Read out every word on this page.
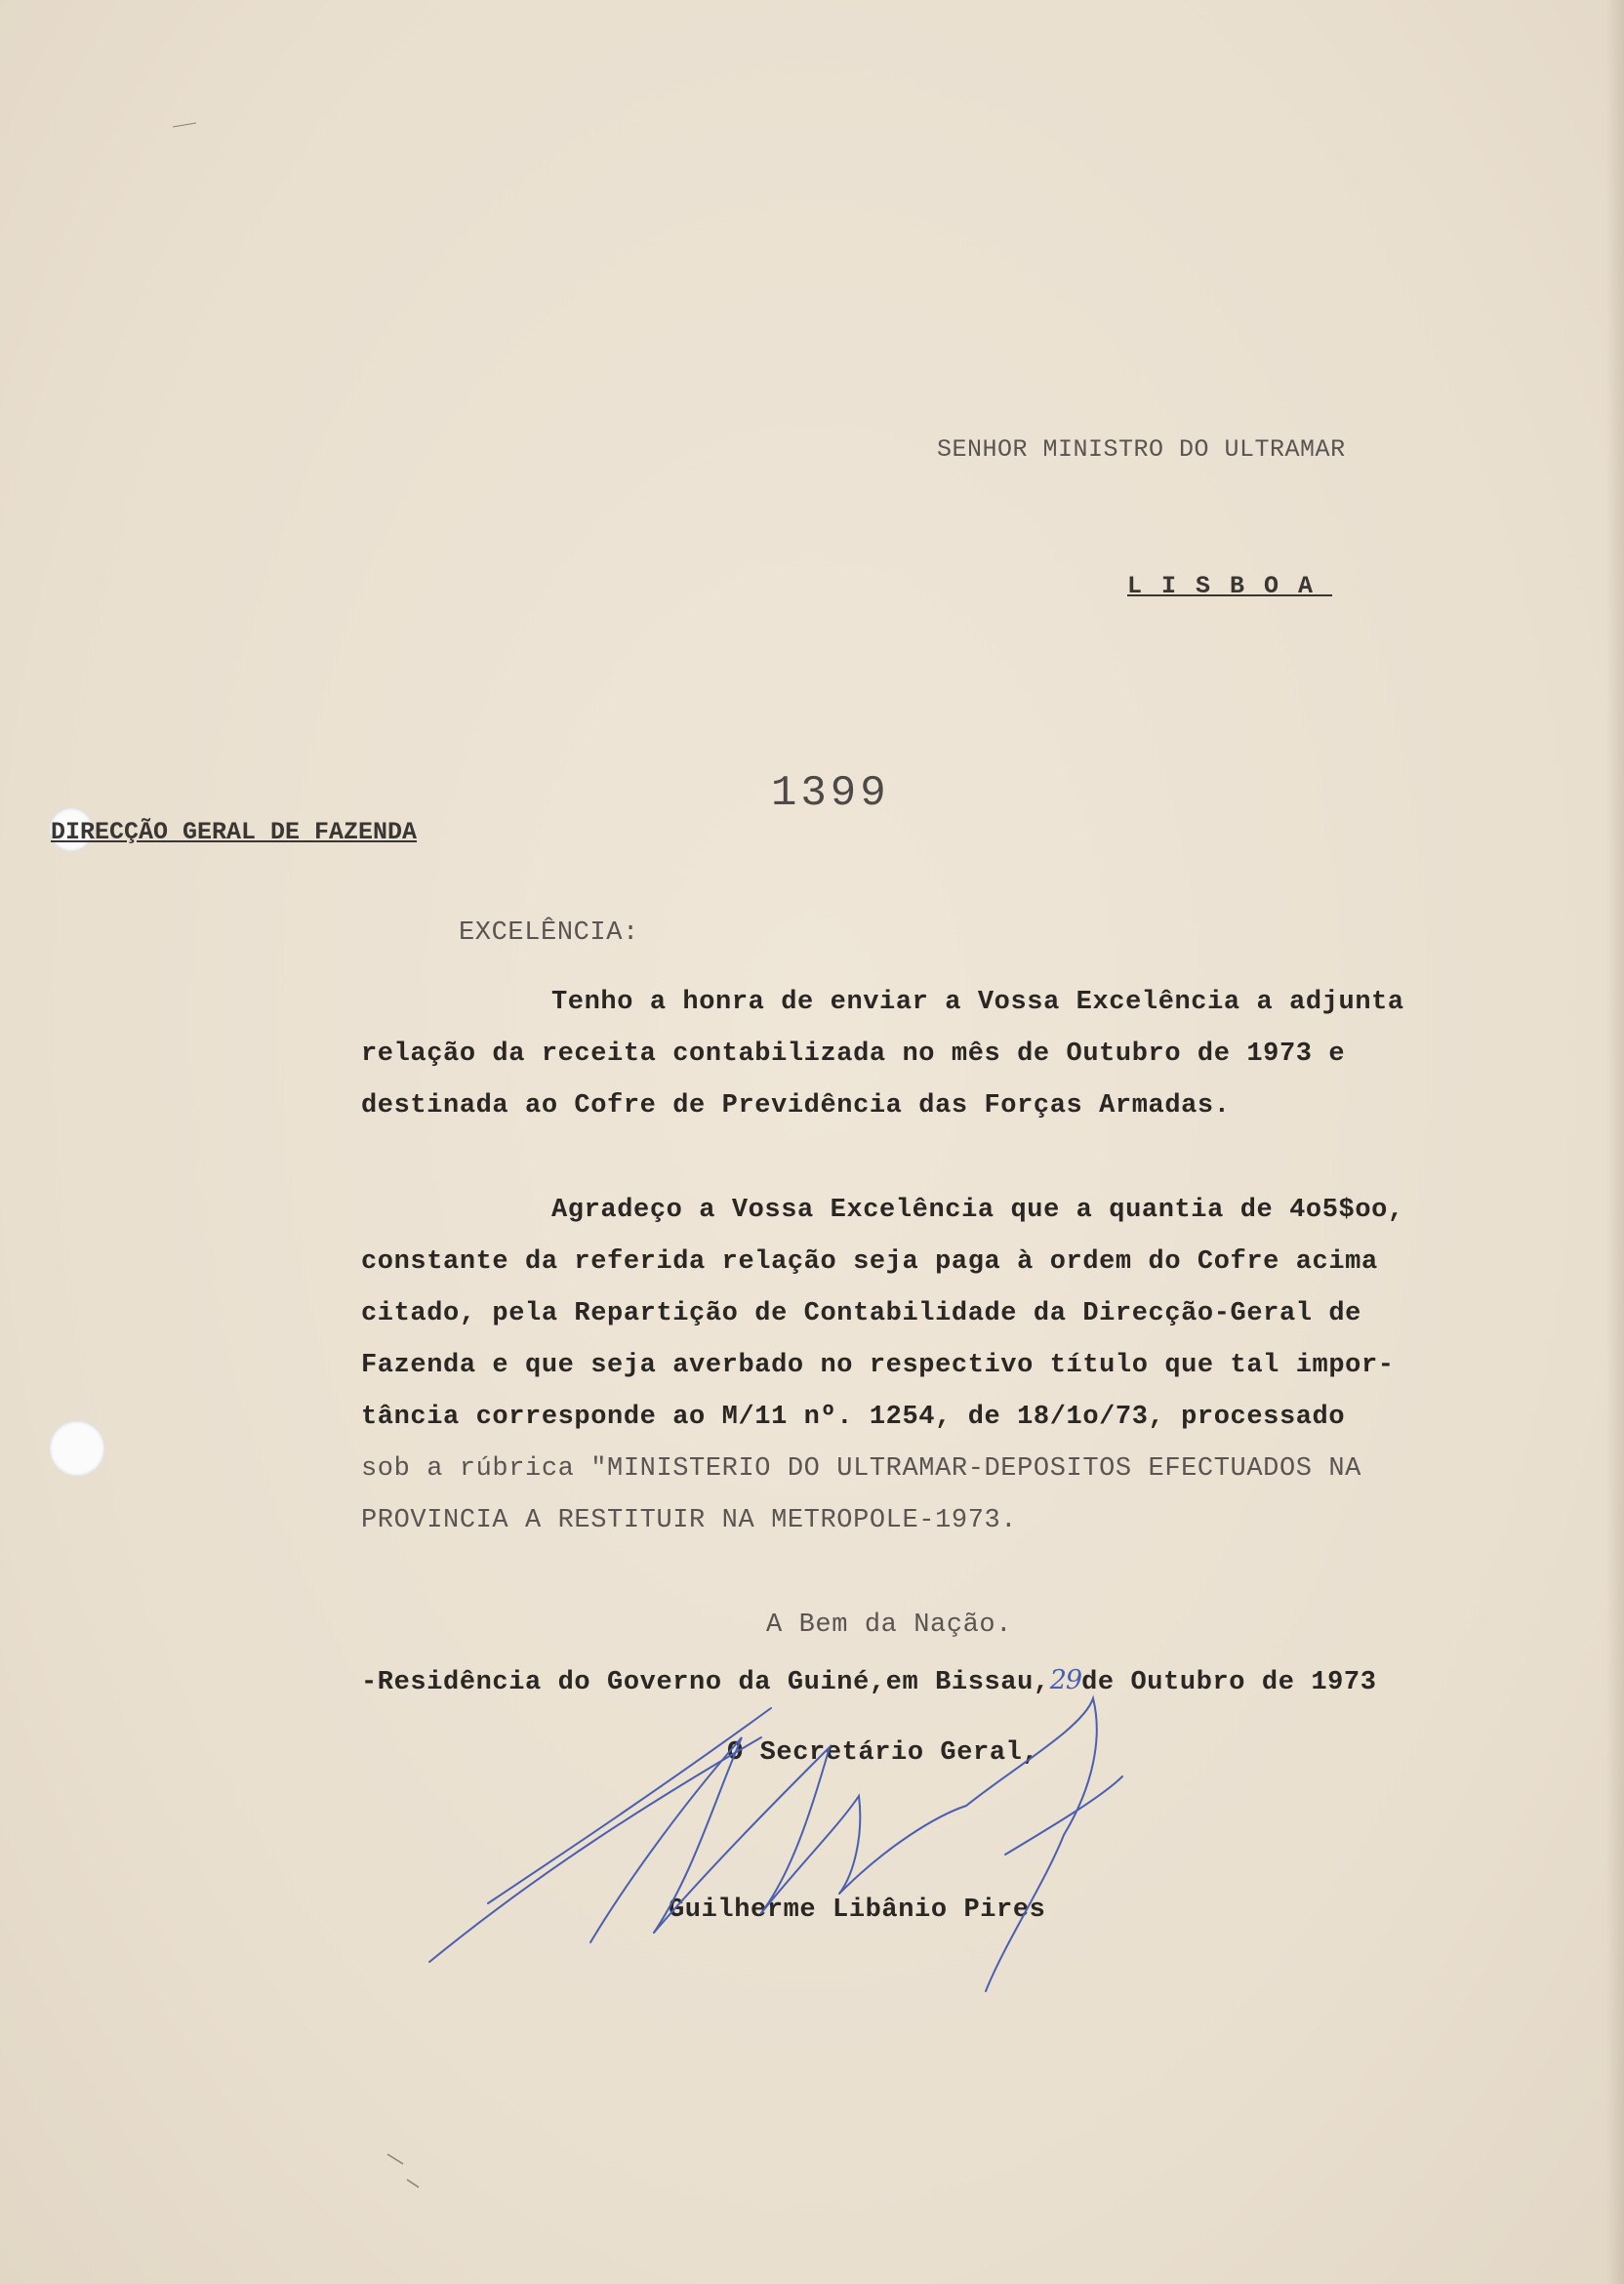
SENHOR MINISTRO DO ULTRAMAR
LISBOA
1399
DIRECÇÃO GERAL DE FAZENDA
EXCELÊNCIA:
Tenho a honra de enviar a Vossa Excelência a adjunta
relação da receita contabilizada no mês de Outubro de 1973 e
destinada ao Cofre de Previdência das Forças Armadas.
Agradeço a Vossa Excelência que a quantia de 4o5$oo,
constante da referida relação seja paga à ordem do Cofre acima
citado, pela Repartição de Contabilidade da Direcção-Geral de
Fazenda e que seja averbado no respectivo título que tal impor-
tância corresponde ao M/11 nº. 1254, de 18/1o/73, processado
sob a rúbrica "MINISTERIO DO ULTRAMAR-DEPOSITOS EFECTUADOS NA
PROVINCIA A RESTITUIR NA METROPOLE-1973.
A Bem da Nação.
-Residência do Governo da Guiné,em Bissau,29de Outubro de 1973
O Secretário Geral,
Guilherme Libânio Pires
